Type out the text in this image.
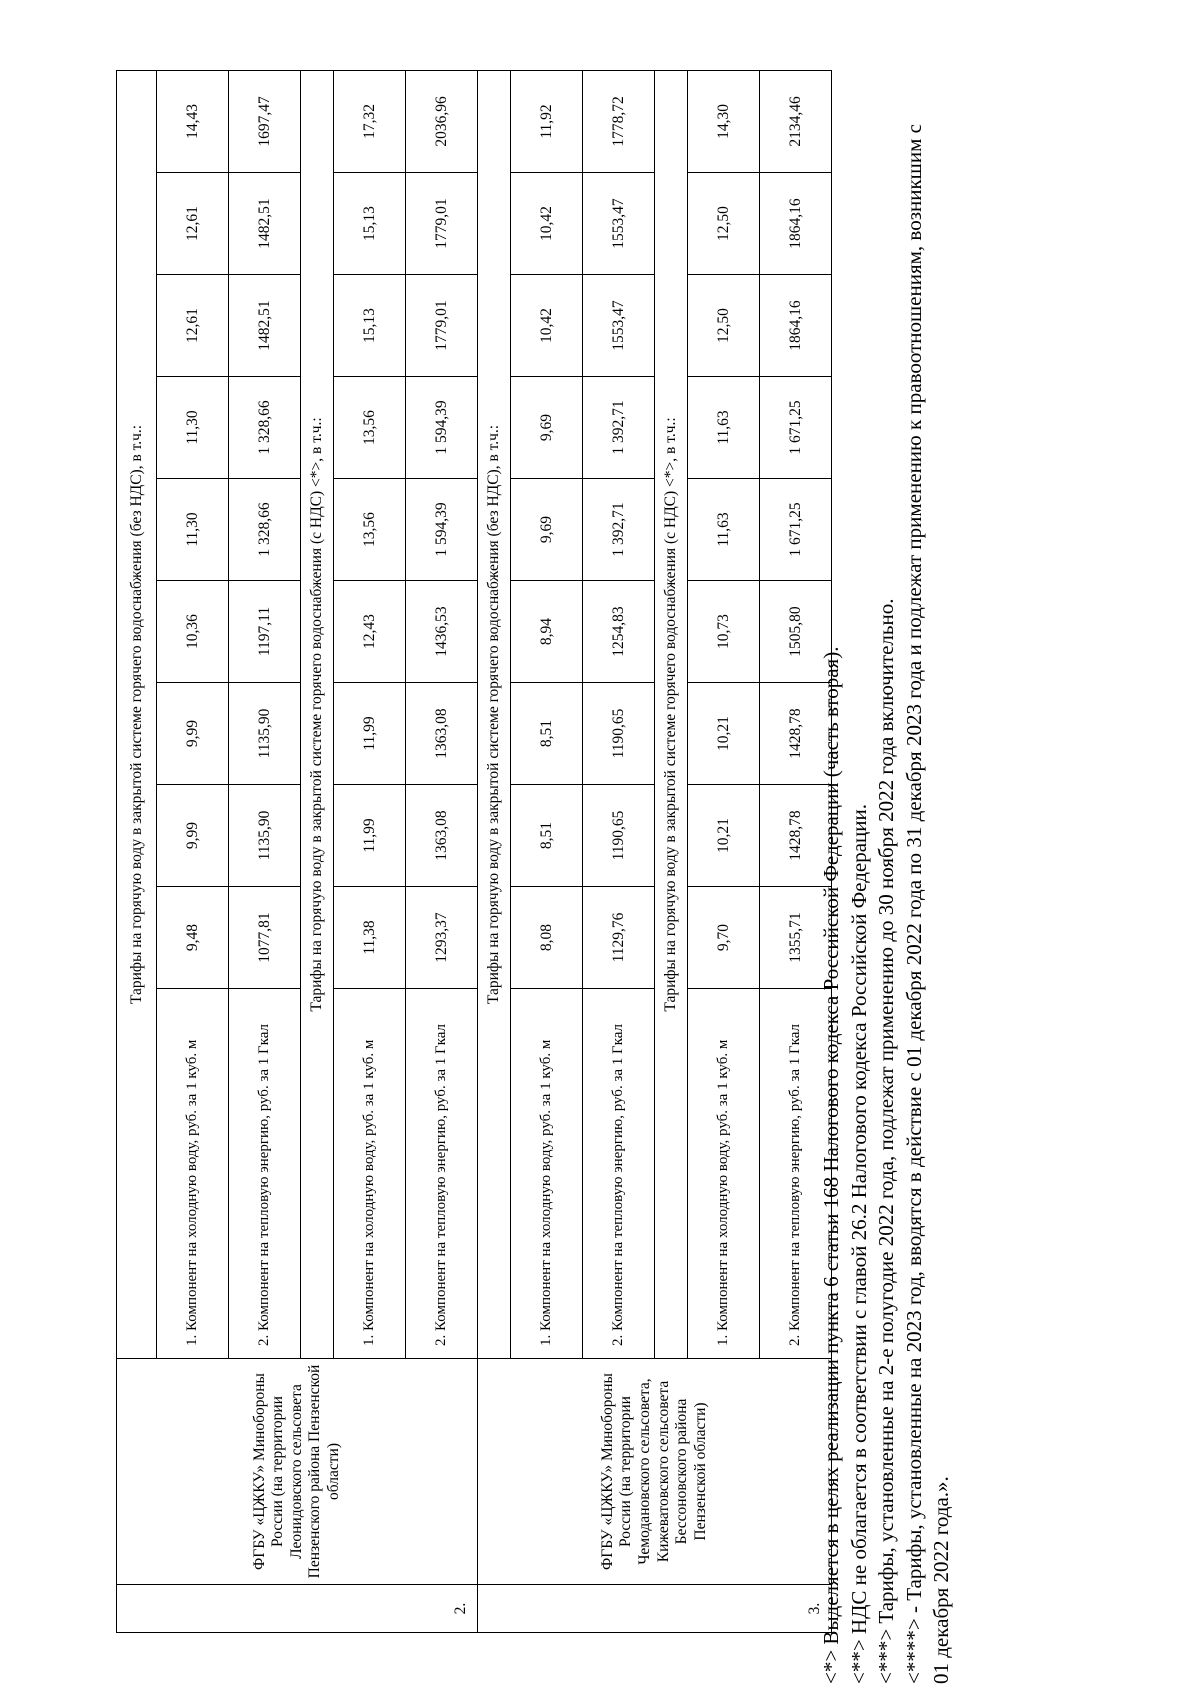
2.	ФГБУ «ЦЖКУ» Минобороны России (на территории Леонидовского сельсовета Пензенского района Пензенской области)	Тарифы на горячую воду в закрытой системе горячего водоснабжения (без НДС), в т.ч.:									
		1. Компонент на холодную воду, руб. за 1 куб. м	9,48	9,99	9,99	10,36	11,30	11,30	12,61	12,61	14,43
		2. Компонент на тепловую энергию, руб. за 1 Гкал	1077,81	1135,90	1135,90	1197,11	1 328,66	1 328,66	1482,51	1482,51	1697,47
		Тарифы на горячую воду в закрытой системе горячего водоснабжения (с НДС) <*>, в т.ч.:									
		1. Компонент на холодную воду, руб. за 1 куб. м	11,38	11,99	11,99	12,43	13,56	13,56	15,13	15,13	17,32
		2. Компонент на тепловую энергию, руб. за 1 Гкал	1293,37	1363,08	1363,08	1436,53	1 594,39	1 594,39	1779,01	1779,01	2036,96
3.	ФГБУ «ЦЖКУ» Минобороны России (на территории Чемодановского сельсовета, Кижеватовского сельсовета Бессоновского района Пензенской области)	Тарифы на горячую воду в закрытой системе горячего водоснабжения (без НДС), в т.ч.:									
		1. Компонент на холодную воду, руб. за 1 куб. м	8,08	8,51	8,51	8,94	9,69	9,69	10,42	10,42	11,92
		2. Компонент на тепловую энергию, руб. за 1 Гкал	1129,76	1190,65	1190,65	1254,83	1 392,71	1 392,71	1553,47	1553,47	1778,72
		Тарифы на горячую воду в закрытой системе горячего водоснабжения (с НДС) <*>, в т.ч.:									
		1. Компонент на холодную воду, руб. за 1 куб. м	9,70	10,21	10,21	10,73	11,63	11,63	12,50	12,50	14,30
		2. Компонент на тепловую энергию, руб. за 1 Гкал	1355,71	1428,78	1428,78	1505,80	1 671,25	1 671,25	1864,16	1864,16	2134,46

<*> Выделяется в целях реализации пункта 6 статьи 168 Налогового кодекса Российской Федерации (часть вторая). <**> НДС не облагается в соответствии с главой 26.2 Налогового кодекса Российской Федерации. <***> Тарифы, установленные на 2-е полугодие 2022 года, подлежат применению до 30 ноября 2022 года включительно. <****> - Тарифы, установленные на 2023 год, вводятся в действие с 01 декабря 2022 года по 31 декабря 2023 года и подлежат применению к правоотношениям, возникшим с 01 декабря 2022 года.».
